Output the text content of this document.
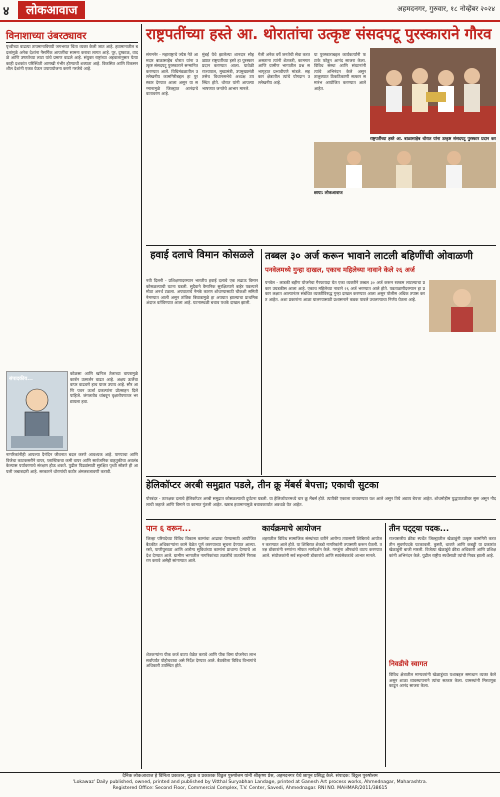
४	लोकआवाज	अहमदनगर, गुरुवार, १८ नोव्हेंबर २०२४
विनाशाच्या उंबरठ्यावर
पृथ्वीच्या वाढत्या तापमानाविषयी जगभरात चिंता व्यक्त केली जात आहे. हवामानातील बदलांमुळे अनेक देशांना नैसर्गिक आपत्तींचा सामना करावा लागत आहे. पूर, दुष्काळ, वादळे आणि उष्णतेच्या लाटा यांचे प्रमाण वाढले आहे. संयुक्त राष्ट्रांच्या अहवालानुसार येत्या काही दशकांत परिस्थिती आणखी गंभीर होण्याची शक्यता आहे. विकसित आणि विकसनशील देशांनी एकत्र येऊन उपाययोजना करणे गरजेचे आहे.
संपादकीय...
कोळसा आणि खनिज तेलाच्या वापरामुळे कार्बन उत्सर्जन वाढत आहे. अक्षय ऊर्जेचा वापर वाढवणे हाच यावर उपाय आहे. सौर आणि पवन ऊर्जा प्रकल्पांना प्रोत्साहन दिले पाहिजे. जंगलतोड थांबवून वृक्षारोपणावर भर द्यायला हवा.
नागरिकांनीही आपल्या दैनंदिन जीवनात बदल करणे आवश्यक आहे. पाण्याचा आणि विजेचा काटकसरीने वापर, प्लास्टिकचा कमी वापर आणि सार्वजनिक वाहतुकीचा अवलंब केल्यास पर्यावरणाचे संरक्षण होऊ शकते. पुढील पिढ्यांसाठी सुरक्षित पृथ्वी सोडणे ही आपली जबाबदारी आहे. सरकारने धोरणांची कठोर अंमलबजावणी करावी.
राष्ट्रपतींच्या हस्ते आ. थोरातांचा उत्कृष्ट संसदपटू पुरस्काराने गौरव
संगमनेर - महाराष्ट्राचे ज्येष्ठ नेते आमदार बाळासाहेब थोरात यांना उत्कृष्ट संसदपटू पुरस्काराने सन्मानित करण्यात आले. विधिमंडळातील उल्लेखनीय कामगिरीबद्दल हा पुरस्कार देण्यात आला असून या सन्मानामुळे जिल्ह्यात आनंदाचे वातावरण आहे.
मुंबई येथे झालेल्या शानदार सोहळ्यात राष्ट्रपतींच्या हस्ते हा पुरस्कार प्रदान करण्यात आला. यावेळी राज्यपाल, मुख्यमंत्री, उपमुख्यमंत्री तसेच विधानसभेचे अध्यक्ष उपस्थित होते. थोरात यांनी आपल्या भाषणात जनतेचे आभार मानले.
गेली अनेक वर्षे जनतेची सेवा करत असताना त्यांनी शेतकरी, कामगार आणि ग्रामीण भागातील प्रश्न सभागृहात प्रभावीपणे मांडले. सहकार क्षेत्रातील त्यांचे योगदान उल्लेखनीय आहे.
या पुरस्काराबद्दल कार्यकर्त्यांनी फटाके फोडून आनंद साजरा केला. विविध संस्था आणि संघटनांनी त्यांचे अभिनंदन केले असून तालुक्यात ठिकठिकाणी सत्कार समारंभ आयोजित करण्यात आले आहेत.
राष्ट्रपतींच्या हस्ते आ. बाळासाहेब थोरात यांना उत्कृष्ट संसदपटू पुरस्कार प्रदान कर
छाया: लोकआवाज
हवाई दलाचे विमान कोसळले
नवी दिल्ली - प्रशिक्षणादरम्यान भारतीय हवाई दलाचे एक लढाऊ विमान कोसळल्याची घटना घडली. सुदैवाने वैमानिक सुरक्षितपणे बाहेर पडल्याने मोठा अनर्थ टळला. अपघाताचे नेमके कारण शोधण्यासाठी चौकशी समिती नेमण्यात आली असून तांत्रिक बिघाडामुळे हा अपघात झाल्याचा प्राथमिक अंदाज वर्तविण्यात आला आहे. घटनास्थळी बचाव पथके दाखल झाली.
तब्बल ३० अर्ज करून भावाने लाटली बहिणींची ओवाळणी
पनवेलमध्ये गुन्हा दाखल, एकाच महिलेच्या नावाने केले २६ अर्ज
पनवेल - लाडकी बहीण योजनेचा गैरफायदा घेत एका व्यक्तीने तब्बल ३० अर्ज करून रक्कम लाटल्याचा प्रकार उघडकीस आला आहे. एकाच महिलेच्या नावाने २६ अर्ज भरण्यात आले होते. पडताळणीदरम्यान हा प्रकार लक्षात आल्यानंतर संबंधित व्यक्तीविरुद्ध गुन्हा दाखल करण्यात आला असून पोलीस अधिक तपास करत आहेत. अशा प्रकारांना आळा घालण्यासाठी प्रशासनाने कडक पावले उचलण्याचा निर्णय घेतला आहे.
हेलिकॉप्टर अरबी समुद्रात पडले, तीन क्रू मेंबर्स बेपत्ता; एकाची सुटका
पोरबंदर - तटरक्षक दलाचे हेलिकॉप्टर अरबी समुद्रात कोसळल्याची दुर्घटना घडली. या हेलिकॉप्टरमध्ये चार क्रू मेंबर्स होते. त्यापैकी एकाला वाचवण्यात यश आले असून तिघे अद्याप बेपत्ता आहेत. शोधमोहीम युद्धपातळीवर सुरू असून नौदलाची जहाजे आणि विमाने या कामात गुंतली आहेत. खराब हवामानामुळे बचावकार्यात अडथळे येत आहेत.
पान ६ वरून...
जिल्हा परिषदेच्या विविध विकास कामांचा आढावा घेण्यासाठी आयोजित बैठकीत अधिकाऱ्यांना कामे वेळेत पूर्ण करण्याच्या सूचना देण्यात आल्या. रस्ते, पाणीपुरवठा आणि आरोग्य सुविधांच्या कामांना प्राधान्य देण्याचे आदेश देण्यात आले. ग्रामीण भागातील नागरिकांच्या तक्रारींचे तातडीने निराकरण करावे असेही सांगण्यात आले.
शेतकऱ्यांना पीक कर्ज वाटप वेळेत करावे आणि पीक विमा योजनेचा लाभ सर्वांपर्यंत पोहोचवावा असे निर्देश देण्यात आले. बैठकीला विविध विभागांचे अधिकारी उपस्थित होते.
कार्यक्रमाचे आयोजन
शहरातील विविध सामाजिक संस्थांच्या वतीने आरोग्य तपासणी शिबिराचे आयोजन करण्यात आले होते. या शिबिरात शेकडो नागरिकांनी तपासणी करून घेतली. तज्ज्ञ डॉक्टरांनी रुग्णांना मोफत मार्गदर्शन केले. गरजूंना औषधांचे वाटप करण्यात आले. संयोजकांनी सर्व सहभागी डॉक्टरांचे आणि स्वयंसेवकांचे आभार मानले.
तीन पट्ट्या पदक...
राज्यस्तरीय क्रीडा स्पर्धेत जिल्ह्यातील खेळाडूंनी उत्कृष्ट कामगिरी करत तीन सुवर्णपदके पटकावली. कुस्ती, धावणे आणि कबड्डी या प्रकारांत खेळाडूंनी बाजी मारली. विजेत्या खेळाडूंचे क्रीडा अधिकारी आणि प्रशिक्षकांनी अभिनंदन केले. पुढील राष्ट्रीय स्पर्धेसाठी त्यांची निवड झाली आहे.
निवडीचे स्वागत
विविध क्षेत्रातील मान्यवरांनी खेळाडूंच्या यशाबद्दल समाधान व्यक्त केले असून शाळा व्यवस्थापनाने त्यांचा सत्कार केला. ग्रामस्थांनी मिरवणूक काढून आनंद साजरा केला.
दैनिक लोकआवाज हे विनिता प्रकाशन, मुद्रक व प्रकाशक विठ्ठल पुरुषोत्तम यांनी श्रीकृष्ण प्रेस, अहमदनगर येथे छापून प्रसिद्ध केले. संपादक: विठ्ठल पुरुषोत्तम
'Lokawaz' Daily published, owned, printed and published by Vitthal Suryabhan Landage, printed at Ganesh Art process works, Ahmednagar, Maharashtra.
Registered Office: Second Floor, Commercial Complex, T.V. Center, Savedi, Ahmednagar. RNI NO. MAHMAR/2011/38615
